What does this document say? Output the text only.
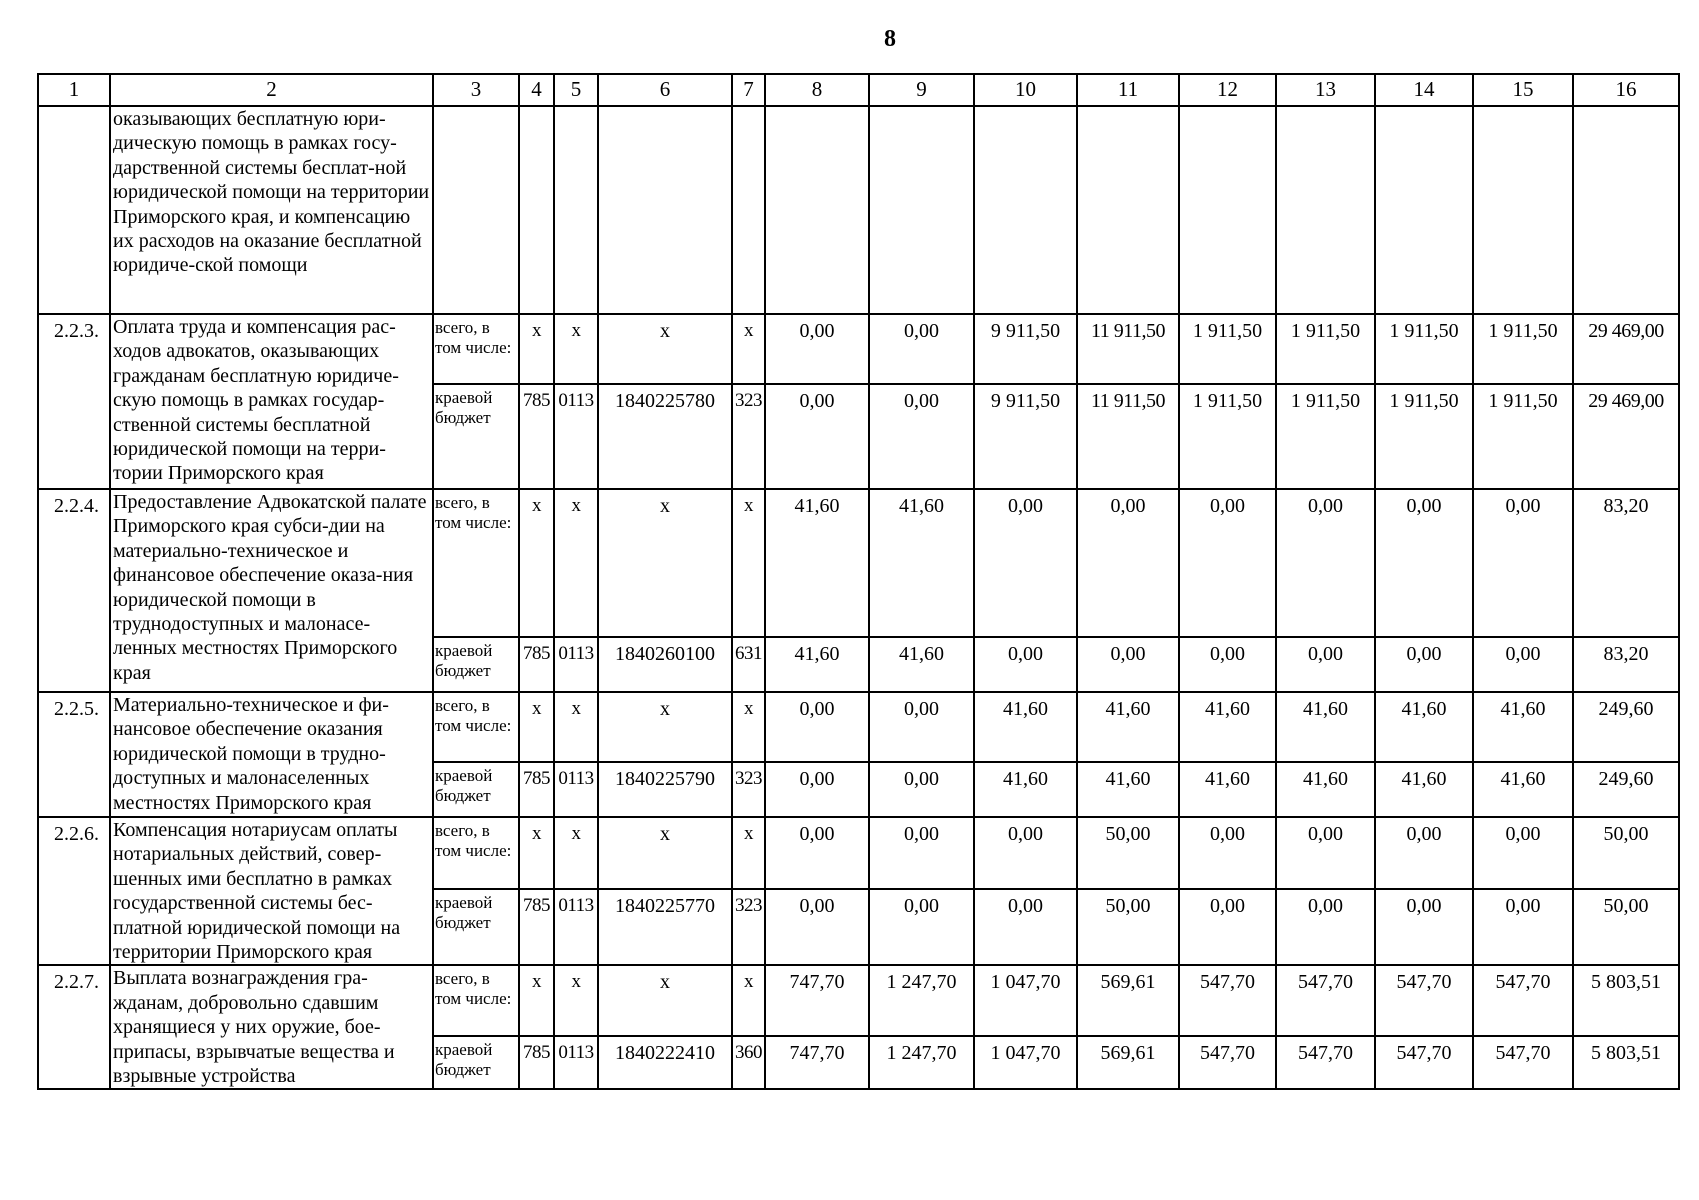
8
1	2	3	4	5	6	7	8	9	10	11	12	13	14	15	16
	оказывающих бесплатную юри-дическую помощь в рамках госу-дарственной системы бесплат-ной юридической помощи на территории Приморского края, и компенсацию их расходов на оказание бесплатной юридиче-ской помощи														
2.2.3.	Оплата труда и компенсация рас-ходов адвокатов, оказывающих гражданам бесплатную юридиче-скую помощь в рамках государ-ственной системы бесплатной юридической помощи на терри-тории Приморского края	всего, в том числе:	х	х	х	х	0,00	0,00	9 911,50	11 911,50	1 911,50	1 911,50	1 911,50	1 911,50	29 469,00
		краевой бюджет	785	0113	1840225780	323	0,00	0,00	9 911,50	11 911,50	1 911,50	1 911,50	1 911,50	1 911,50	29 469,00
2.2.4.	Предоставление Адвокатской палате Приморского края субси-дии на материально-техническое и финансовое обеспечение оказа-ния юридической помощи в труднодоступных и малонасе-ленных местностях Приморского края	всего, в том числе:	х	х	х	х	41,60	41,60	0,00	0,00	0,00	0,00	0,00	0,00	83,20
		краевой бюджет	785	0113	1840260100	631	41,60	41,60	0,00	0,00	0,00	0,00	0,00	0,00	83,20
2.2.5.	Материально-техническое и фи-нансовое обеспечение оказания юридической помощи в трудно-доступных и малонаселенных местностях Приморского края	всего, в том числе:	х	х	х	х	0,00	0,00	41,60	41,60	41,60	41,60	41,60	41,60	249,60
		краевой бюджет	785	0113	1840225790	323	0,00	0,00	41,60	41,60	41,60	41,60	41,60	41,60	249,60
2.2.6.	Компенсация нотариусам оплаты нотариальных действий, совер-шенных ими бесплатно в рамках государственной системы бес-платной юридической помощи на территории Приморского края	всего, в том числе:	х	х	х	х	0,00	0,00	0,00	50,00	0,00	0,00	0,00	0,00	50,00
		краевой бюджет	785	0113	1840225770	323	0,00	0,00	0,00	50,00	0,00	0,00	0,00	0,00	50,00
2.2.7.	Выплата вознаграждения гра-жданам, добровольно сдавшим хранящиеся у них оружие, бое-припасы, взрывчатые вещества и взрывные устройства	всего, в том числе:	х	х	х	х	747,70	1 247,70	1 047,70	569,61	547,70	547,70	547,70	547,70	5 803,51
		краевой бюджет	785	0113	1840222410	360	747,70	1 247,70	1 047,70	569,61	547,70	547,70	547,70	547,70	5 803,51
